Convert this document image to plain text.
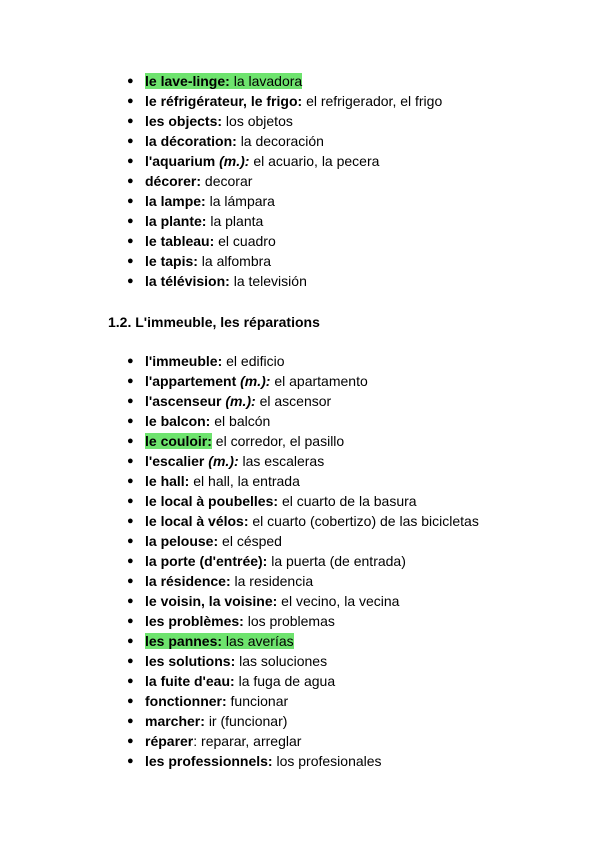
● le lave-linge: la lavadora
● le réfrigérateur, le frigo: el refrigerador, el frigo
● les objects: los objetos
● la décoration: la decoración
● l'aquarium (m.): el acuario, la pecera
● décorer: decorar
● la lampe: la lámpara
● la plante: la planta
● le tableau: el cuadro
● le tapis: la alfombra
● la télévision: la televisión
1.2. L'immeuble, les réparations
● l'immeuble: el edificio
● l'appartement (m.): el apartamento
● l'ascenseur (m.): el ascensor
● le balcon: el balcón
● le couloir: el corredor, el pasillo
● l'escalier (m.): las escaleras
● le hall: el hall, la entrada
● le local à poubelles: el cuarto de la basura
● le local à vélos: el cuarto (cobertizo) de las bicicletas
● la pelouse: el césped
● la porte (d'entrée): la puerta (de entrada)
● la résidence: la residencia
● le voisin, la voisine: el vecino, la vecina
● les problèmes: los problemas
● les pannes: las averías
● les solutions: las soluciones
● la fuite d'eau: la fuga de agua
● fonctionner: funcionar
● marcher: ir (funcionar)
● réparer: reparar, arreglar
● les professionnels: los profesionales
